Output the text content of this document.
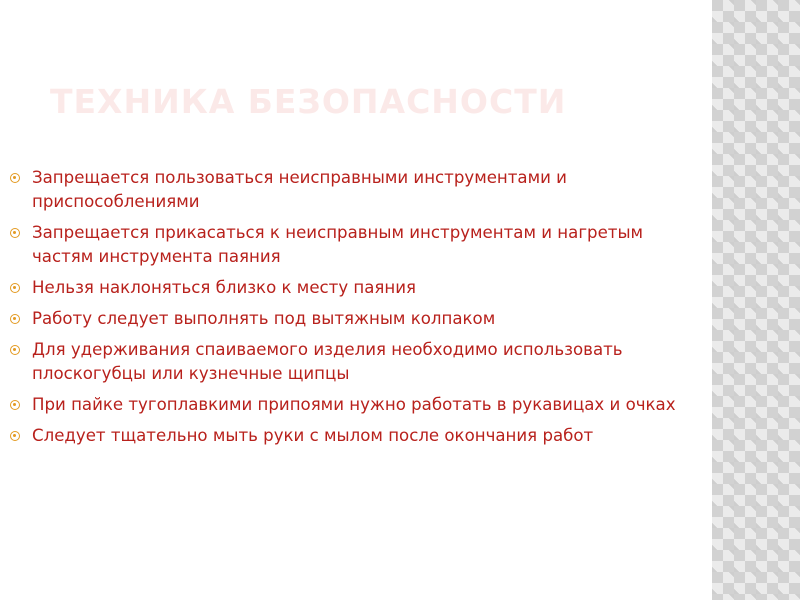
ТЕХНИКА БЕЗОПАСНОСТИ
Запрещается пользоваться неисправными инструментами и приспособлениями
Запрещается прикасаться к неисправным инструментам и нагретым частям инструмента паяния
Нельзя наклоняться близко к месту паяния
Работу следует выполнять под вытяжным колпаком
Для удерживания спаиваемого изделия необходимо использовать плоскогубцы или кузнечные щипцы
При пайке тугоплавкими припоями нужно работать в рукавицах и очках
Следует тщательно мыть руки с мылом после окончания работ
